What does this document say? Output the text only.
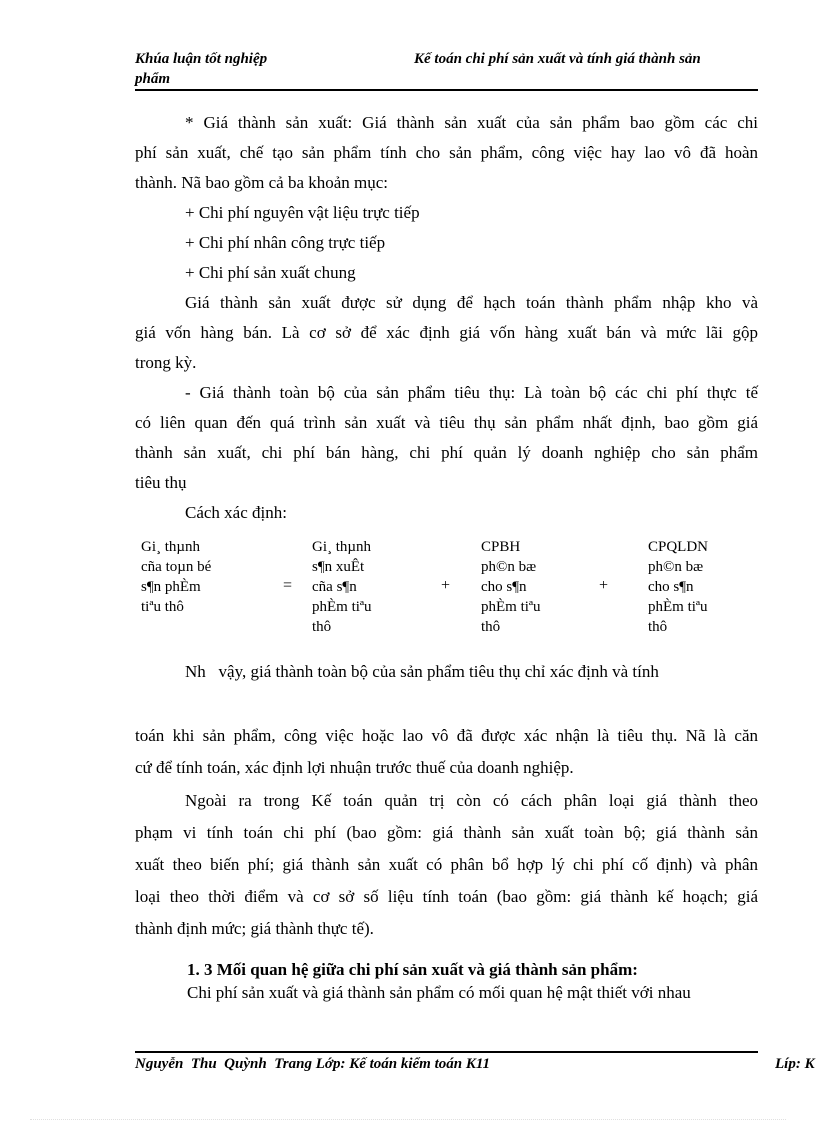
Khúa luận tốt nghiệp	Kế toán chi phí sản xuất và tính giá thành sản
phẩm
* Giá thành sản xuất: Giá thành sản xuất của sản phẩm bao gồm các chi
phí sản xuất, chế tạo sản phẩm tính cho sản phẩm, công việc hay lao vô đã hoàn
thành. Nã bao gồm cả ba khoản mục:
+ Chi phí nguyên vật liệu trực tiếp
+ Chi phí nhân công trực tiếp
+ Chi phí sản xuất chung
Giá thành sản xuất được sử dụng để hạch toán thành phẩm nhập kho và
giá vốn hàng bán. Là cơ sở để xác định giá vốn hàng xuất bán và mức lãi gộp
trong kỳ.
- Giá thành toàn bộ của sản phẩm tiêu thụ: Là toàn bộ các chi phí thực tế
có liên quan đến quá trình sản xuất và tiêu thụ sản phẩm nhất định, bao gồm giá
thành sản xuất, chi phí bán hàng, chi phí quản lý doanh nghiệp cho sản phẩm
tiêu thụ
Cách xác định:
Gi¸ thµnh
cña toµn bé
s¶n phÈm
tiªu thô
=
Gi¸ thµnh
s¶n xuÊt
cña s¶n
phÈm tiªu
thô
+
CPBH
ph©n bæ
cho s¶n
phÈm tiªu
thô
+
CPQLDN
ph©n bæ
cho s¶n
phÈm tiªu
thô
Nh   vậy, giá thành toàn bộ của sản phẩm tiêu thụ chỉ xác định và tính
toán khi sản phẩm, công việc hoặc lao vô đã được xác nhận là tiêu thụ. Nã là căn
cứ để tính toán, xác định lợi nhuận trước thuế của doanh nghiệp.
Ngoài ra trong Kế toán quản trị còn có cách phân loại giá thành theo
phạm vi tính toán chi phí (bao gồm: giá thành sản xuất toàn bộ; giá thành sản
xuất theo biến phí; giá thành sản xuất có phân bổ hợp lý chi phí cố định) và phân
loại theo thời điểm và cơ sở số liệu tính toán (bao gồm: giá thành kế hoạch; giá
thành định mức; giá thành thực tế).
1. 3 Mối quan hệ giữa chi phí sản xuất và giá thành sản phẩm:
Chi phí sản xuất và giá thành sản phẩm có mối quan hệ mật thiết với nhau
Nguyễn  Thu  Quỳnh  Trang Lớp: Kế toán kiểm toán K11	Líp: K
